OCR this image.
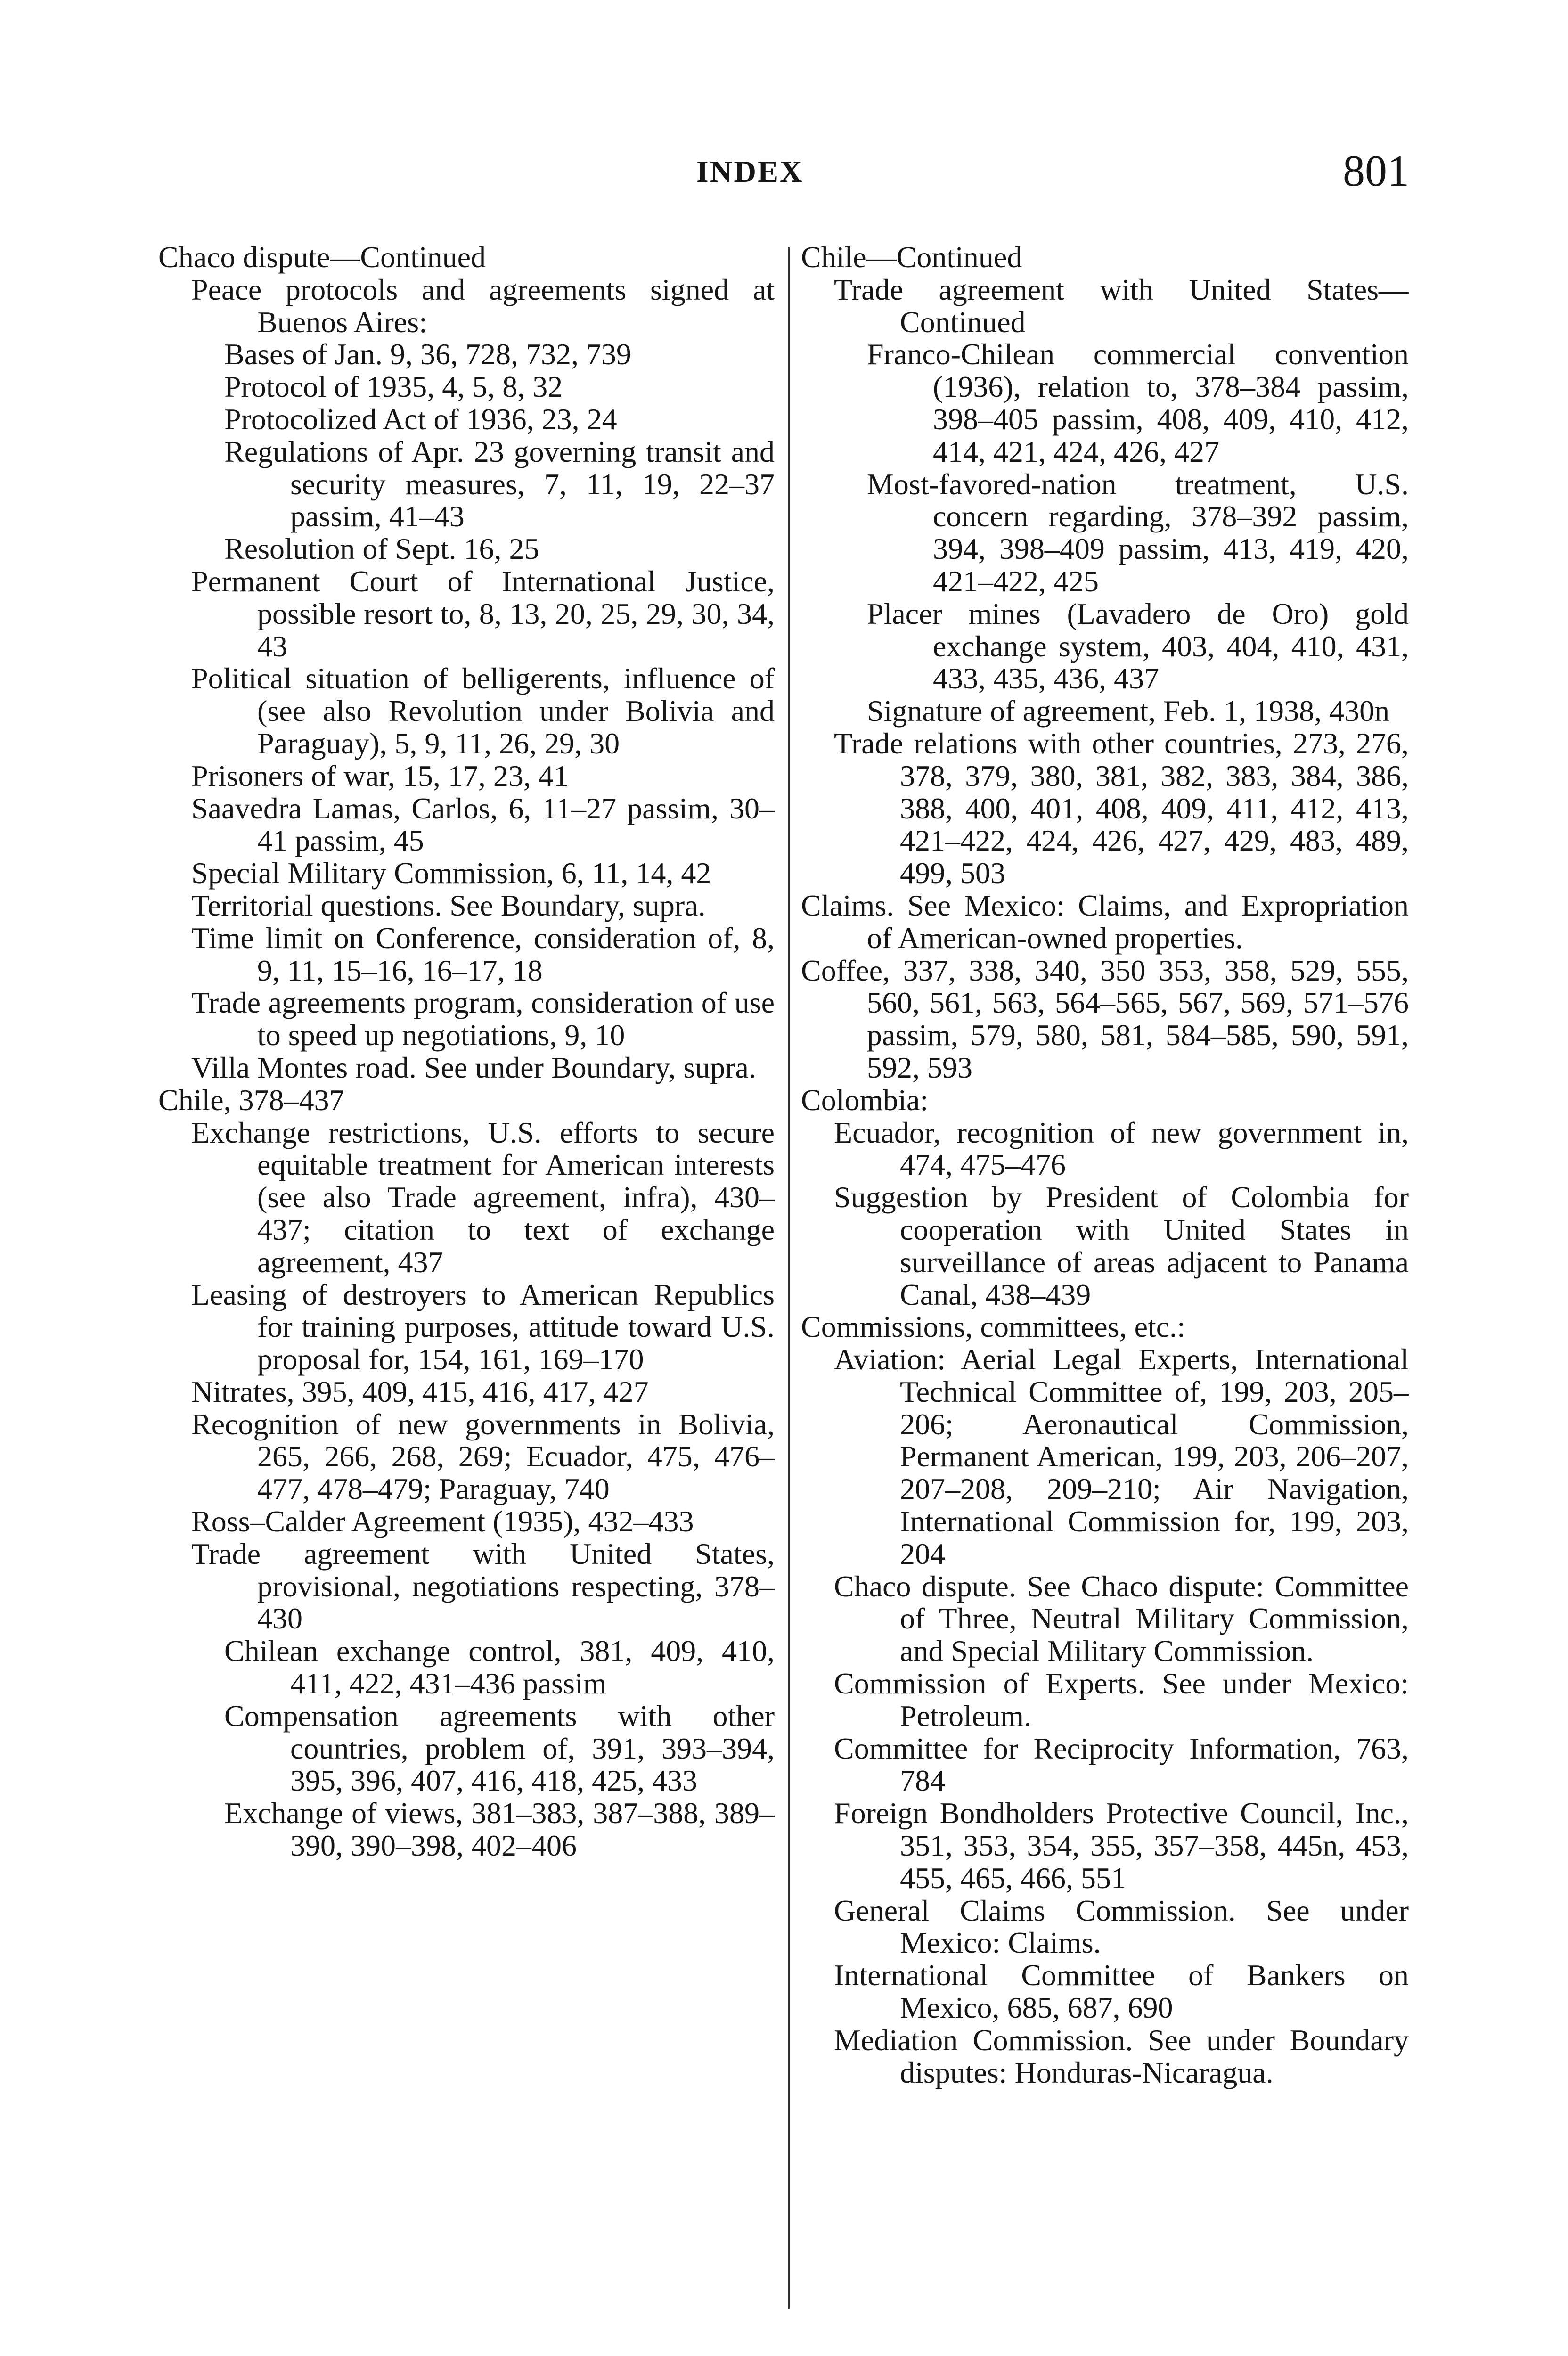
INDEX	801
Chaco dispute—Continued
Peace protocols and agreements signed at Buenos Aires:
Bases of Jan. 9, 36, 728, 732, 739
Protocol of 1935, 4, 5, 8, 32
Protocolized Act of 1936, 23, 24
Regulations of Apr. 23 governing transit and security measures, 7, 11, 19, 22–37 passim, 41–43
Resolution of Sept. 16, 25
Permanent Court of International Justice, possible resort to, 8, 13, 20, 25, 29, 30, 34, 43
Political situation of belligerents, influence of (see also Revolution under Bolivia and Paraguay), 5, 9, 11, 26, 29, 30
Prisoners of war, 15, 17, 23, 41
Saavedra Lamas, Carlos, 6, 11–27 passim, 30–41 passim, 45
Special Military Commission, 6, 11, 14, 42
Territorial questions. See Boundary, supra.
Time limit on Conference, consideration of, 8, 9, 11, 15–16, 16–17, 18
Trade agreements program, consideration of use to speed up negotiations, 9, 10
Villa Montes road. See under Boundary, supra.
Chile, 378–437
Exchange restrictions, U.S. efforts to secure equitable treatment for American interests (see also Trade agreement, infra), 430–437; citation to text of exchange agreement, 437
Leasing of destroyers to American Republics for training purposes, attitude toward U.S. proposal for, 154, 161, 169–170
Nitrates, 395, 409, 415, 416, 417, 427
Recognition of new governments in Bolivia, 265, 266, 268, 269; Ecuador, 475, 476–477, 478–479; Paraguay, 740
Ross–Calder Agreement (1935), 432–433
Trade agreement with United States, provisional, negotiations respecting, 378–430
Chilean exchange control, 381, 409, 410, 411, 422, 431–436 passim
Compensation agreements with other countries, problem of, 391, 393–394, 395, 396, 407, 416, 418, 425, 433
Exchange of views, 381–383, 387–388, 389–390, 390–398, 402–406
Chile—Continued
Trade agreement with United States—Continued
Franco-Chilean commercial convention (1936), relation to, 378–384 passim, 398–405 passim, 408, 409, 410, 412, 414, 421, 424, 426, 427
Most-favored-nation treatment, U.S. concern regarding, 378–392 passim, 394, 398–409 passim, 413, 419, 420, 421–422, 425
Placer mines (Lavadero de Oro) gold exchange system, 403, 404, 410, 431, 433, 435, 436, 437
Signature of agreement, Feb. 1, 1938, 430n
Trade relations with other countries, 273, 276, 378, 379, 380, 381, 382, 383, 384, 386, 388, 400, 401, 408, 409, 411, 412, 413, 421–422, 424, 426, 427, 429, 483, 489, 499, 503
Claims. See Mexico: Claims, and Expropriation of American-owned properties.
Coffee, 337, 338, 340, 350 353, 358, 529, 555, 560, 561, 563, 564–565, 567, 569, 571–576 passim, 579, 580, 581, 584–585, 590, 591, 592, 593
Colombia:
Ecuador, recognition of new government in, 474, 475–476
Suggestion by President of Colombia for cooperation with United States in surveillance of areas adjacent to Panama Canal, 438–439
Commissions, committees, etc.:
Aviation: Aerial Legal Experts, International Technical Committee of, 199, 203, 205–206; Aeronautical Commission, Permanent American, 199, 203, 206–207, 207–208, 209–210; Air Navigation, International Commission for, 199, 203, 204
Chaco dispute. See Chaco dispute: Committee of Three, Neutral Military Commission, and Special Military Commission.
Commission of Experts. See under Mexico: Petroleum.
Committee for Reciprocity Information, 763, 784
Foreign Bondholders Protective Council, Inc., 351, 353, 354, 355, 357–358, 445n, 453, 455, 465, 466, 551
General Claims Commission. See under Mexico: Claims.
International Committee of Bankers on Mexico, 685, 687, 690
Mediation Commission. See under Boundary disputes: Honduras-Nicaragua.
